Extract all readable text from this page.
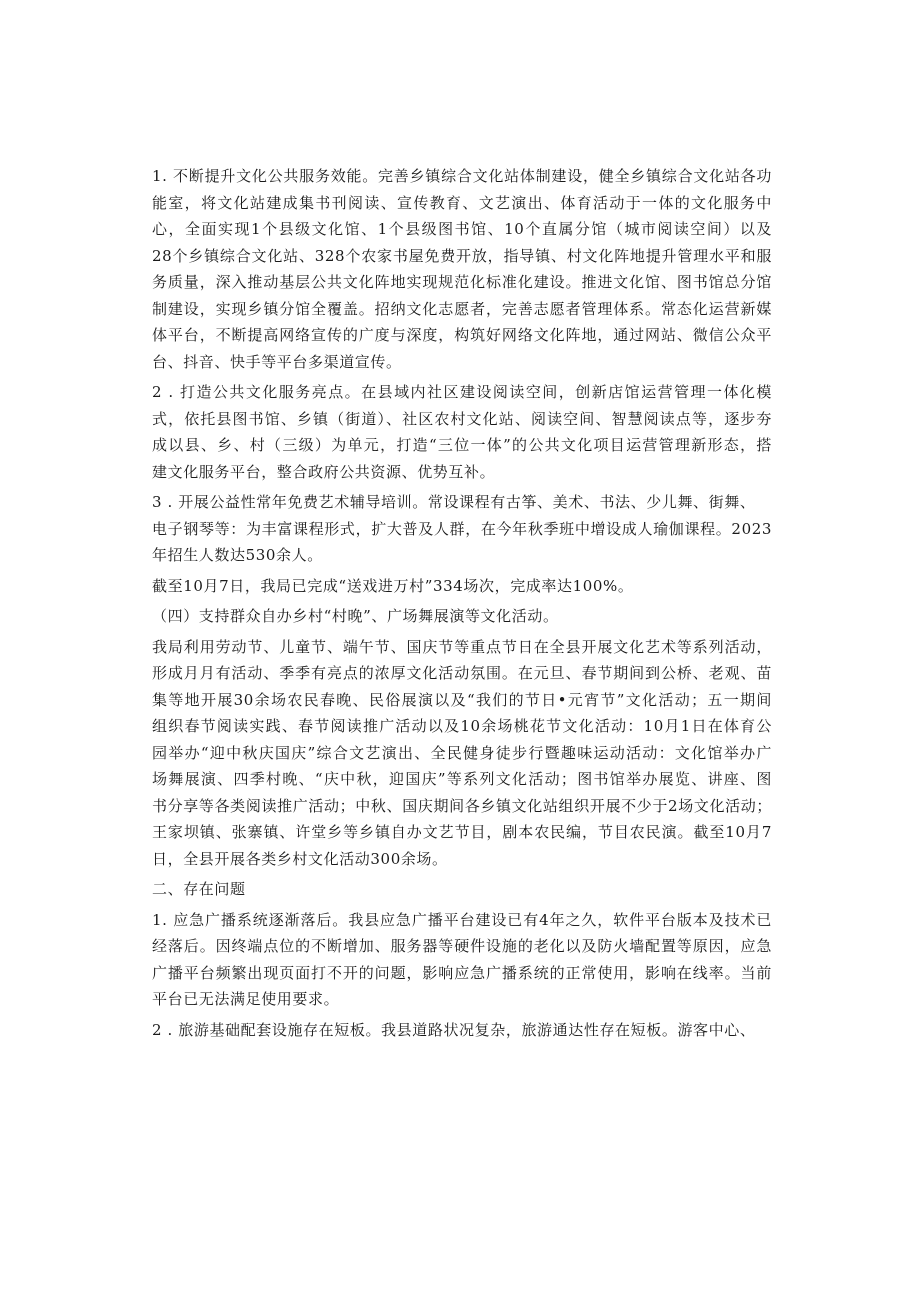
1. 不断提升文化公共服务效能。完善乡镇综合文化站体制建设，健全乡镇综合文化站各功

能室，将文化站建成集书刊阅读、宣传教育、文艺演出、体育活动于一体的文化服务中

心，全面实现1个县级文化馆、1个县级图书馆、10个直属分馆（城市阅读空间）以及

28个乡镇综合文化站、328个农家书屋免费开放，指导镇、村文化阵地提升管理水平和服

务质量，深入推动基层公共文化阵地实现规范化标准化建设。推进文化馆、图书馆总分馆

制建设，实现乡镇分馆全覆盖。招纳文化志愿者，完善志愿者管理体系。常态化运营新媒

体平台，不断提高网络宣传的广度与深度，构筑好网络文化阵地，通过网站、微信公众平

台、抖音、快手等平台多渠道宣传。

2 . 打造公共文化服务亮点。在县域内社区建设阅读空间，创新店馆运营管理一体化模

式，依托县图书馆、乡镇（街道）、社区农村文化站、阅读空间、智慧阅读点等，逐步夯

成以县、乡、村（三级）为单元，打造“三位一体”的公共文化项目运营管理新形态，搭

建文化服务平台，整合政府公共资源、优势互补。

3 . 开展公益性常年免费艺术辅导培训。常设课程有古筝、美术、书法、少儿舞、街舞、

电子钢琴等：为丰富课程形式，扩大普及人群，在今年秋季班中增设成人瑜伽课程。2023

年招生人数达530余人。

截至10月7日，我局已完成“送戏进万村”334场次，完成率达100%。

（四）支持群众自办乡村“村晚”、广场舞展演等文化活动。

我局利用劳动节、儿童节、端午节、国庆节等重点节日在全县开展文化艺术等系列活动，

形成月月有活动、季季有亮点的浓厚文化活动氛围。在元旦、春节期间到公桥、老观、苗

集等地开展30余场农民春晚、民俗展演以及“我们的节日•元宵节”文化活动；五一期间

组织春节阅读实践、春节阅读推广活动以及10余场桃花节文化活动：10月1日在体育公

园举办“迎中秋庆国庆”综合文艺演出、全民健身徒步行暨趣味运动活动：文化馆举办广

场舞展演、四季村晚、“庆中秋，迎国庆”等系列文化活动；图书馆举办展览、讲座、图

书分享等各类阅读推广活动；中秋、国庆期间各乡镇文化站组织开展不少于2场文化活动；

王家坝镇、张寨镇、许堂乡等乡镇自办文艺节目，剧本农民编，节目农民演。截至10月7

日，全县开展各类乡村文化活动300余场。

二、存在问题

1. 应急广播系统逐渐落后。我县应急广播平台建设已有4年之久，软件平台版本及技术已

经落后。因终端点位的不断增加、服务器等硬件设施的老化以及防火墙配置等原因，应急

广播平台频繁出现页面打不开的问题，影响应急广播系统的正常使用，影响在线率。当前

平台已无法满足使用要求。

2 . 旅游基础配套设施存在短板。我县道路状况复杂，旅游通达性存在短板。游客中心、
